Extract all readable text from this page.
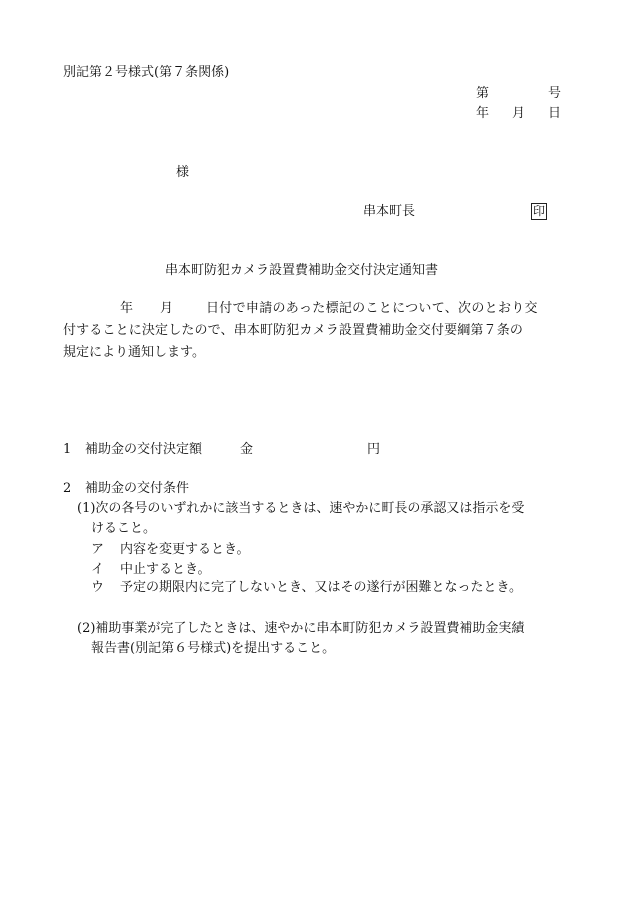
別記第２号様式(第７条関係)
第	号
年 月 日
様
串本町長	印
串本町防犯カメラ設置費補助金交付決定通知書
年 月	日付で申請のあった標記のことについて、次のとおり交
付することに決定したので、串本町防犯カメラ設置費補助金交付要綱第７条の
規定により通知します。
1 補助金の交付決定額	金	円
2 補助金の交付条件
(1)次の各号のいずれかに該当するときは、速やかに町長の承認又は指示を受
けること。
ア 内容を変更するとき。
イ 中止するとき。
ウ 予定の期限内に完了しないとき、又はその遂行が困難となったとき。
(2)補助事業が完了したときは、速やかに串本町防犯カメラ設置費補助金実績
報告書(別記第６号様式)を提出すること。
